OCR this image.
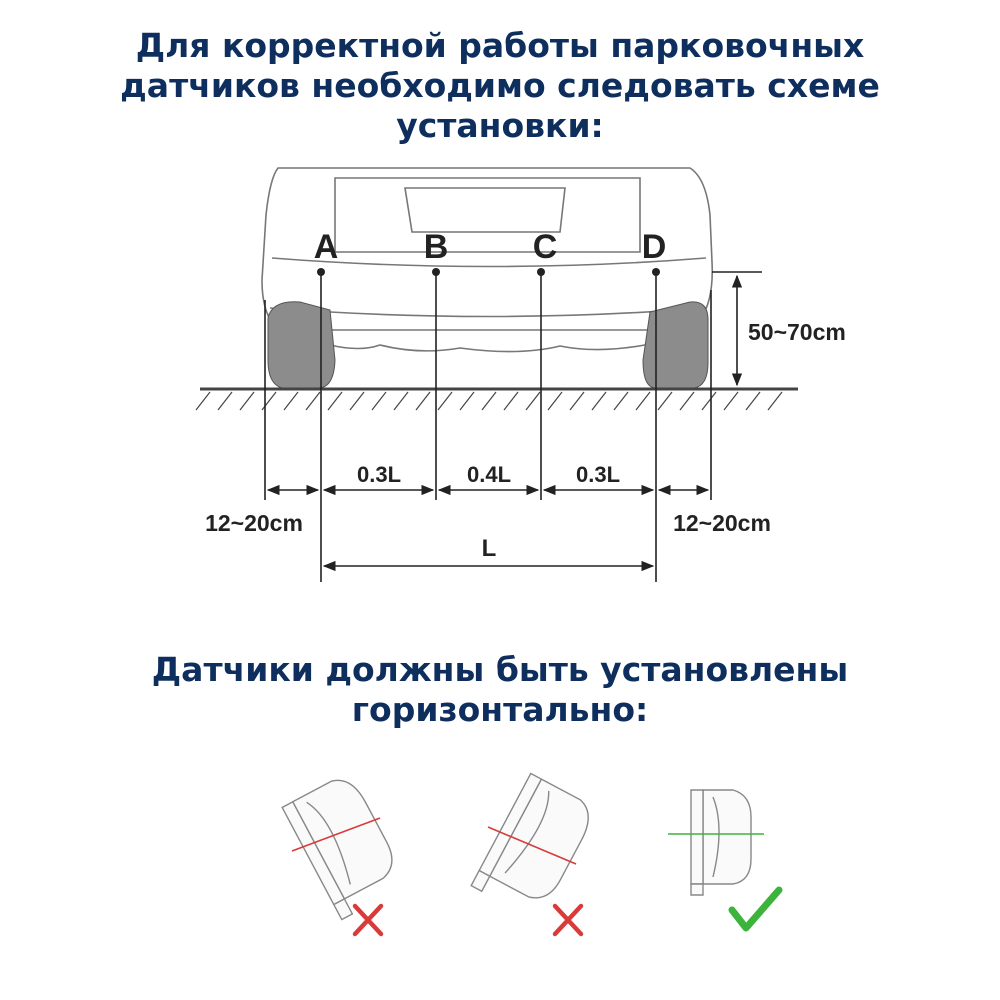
Для корректной работы парковочных
датчиков необходимо следовать схеме
установки:
A	B C D
50~70cm
0.3L	0.4L	0.3L
12~20cm	12~20cm
L
Датчики должны быть установлены
горизонтально:
